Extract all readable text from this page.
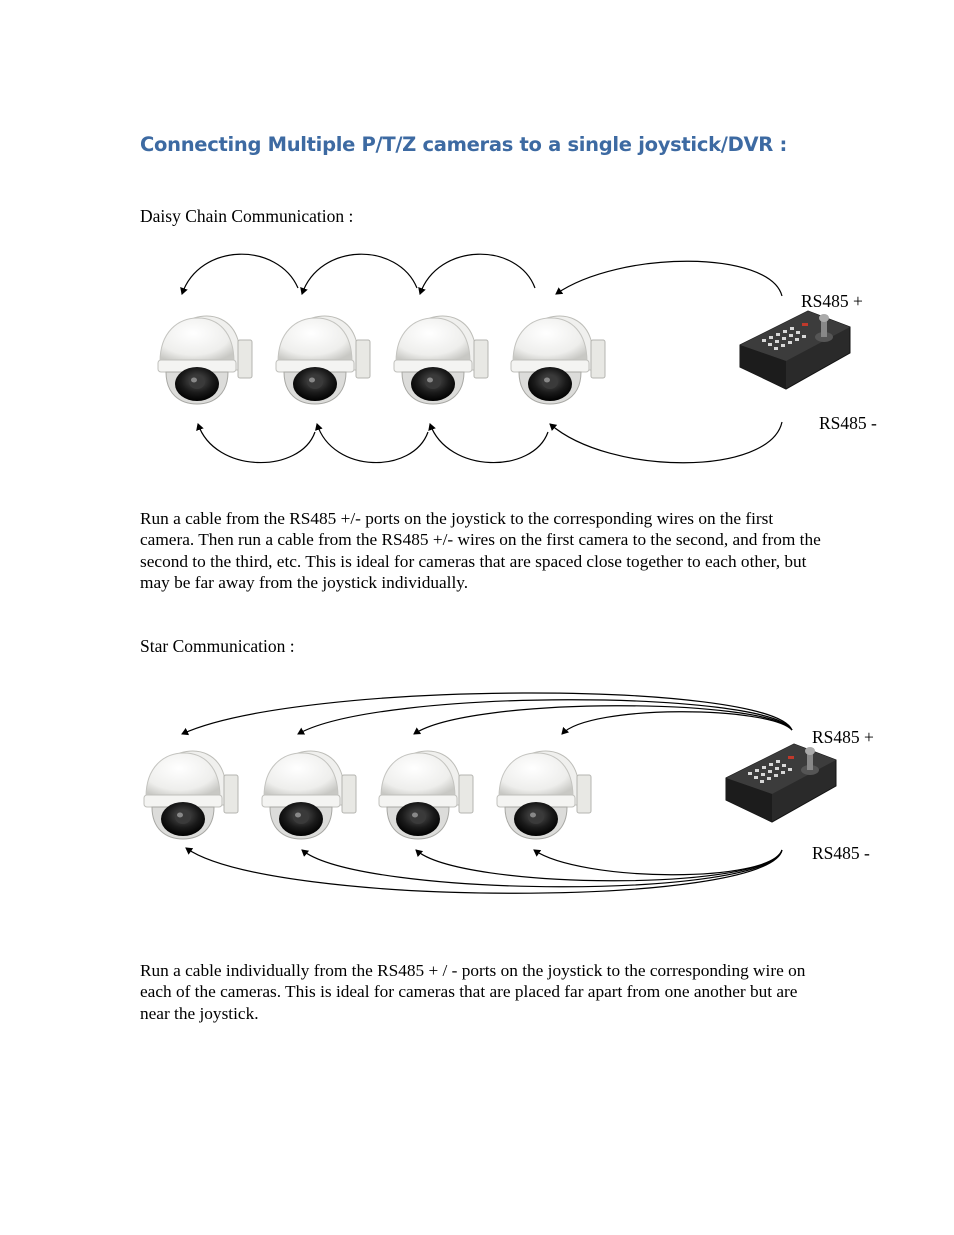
Connecting Multiple P/T/Z cameras to a single joystick/DVR :
Daisy Chain Communication :
RS485 +
RS485 -
Run a cable from the RS485 +/- ports on the joystick to the corresponding wires on the first camera. Then run a cable from the RS485 +/- wires on the first camera to the second, and from the second to the third, etc. This is ideal for cameras that are spaced close together to each other, but may be far away from the joystick individually.
Star Communication :
RS485 +
RS485 -
Run a cable individually from the RS485 + / - ports on the joystick to the corresponding wire on each of the cameras. This is ideal for cameras that are placed far apart from one another but are near the joystick.
